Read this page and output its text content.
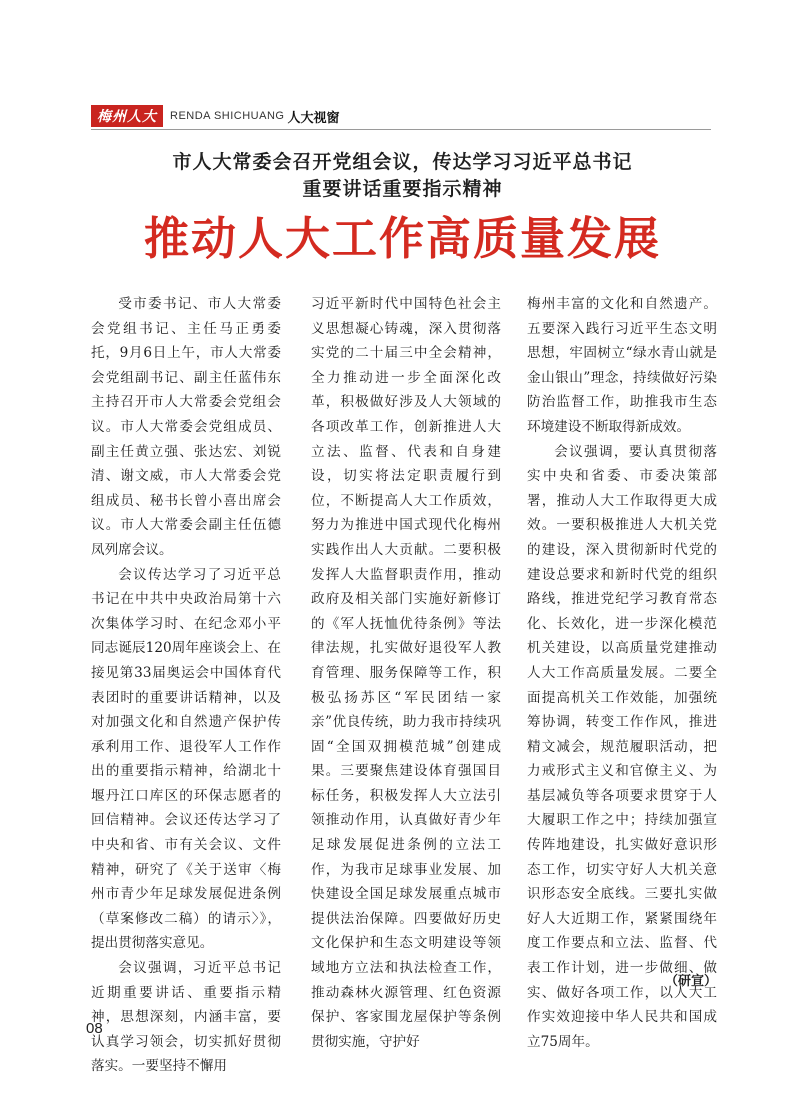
梅州人大	RENDA SHICHUANG 人大视窗
市人大常委会召开党组会议，传达学习习近平总书记
重要讲话重要指示精神
推动人大工作高质量发展

受市委书记、市人大常委会党组书记、主任马正勇委托，9月6日上午，市人大常委会党组副书记、副主任蓝伟东主持召开市人大常委会党组会议。市人大常委会党组成员、副主任黄立强、张达宏、刘锐清、谢文威，市人大常委会党组成员、秘书长曾小喜出席会议。市人大常委会副主任伍德凤列席会议。

会议传达学习了习近平总书记在中共中央政治局第十六次集体学习时、在纪念邓小平同志诞辰120周年座谈会上、在接见第33届奥运会中国体育代表团时的重要讲话精神，以及对加强文化和自然遗产保护传承利用工作、退役军人工作作出的重要指示精神，给湖北十堰丹江口库区的环保志愿者的回信精神。会议还传达学习了中央和省、市有关会议、文件精神，研究了《关于送审〈梅州市青少年足球发展促进条例（草案修改二稿）的请示〉》，提出贯彻落实意见。

会议强调，习近平总书记近期重要讲话、重要指示精神，思想深刻，内涵丰富，要认真学习领会，切实抓好贯彻落实。一要坚持不懈用

习近平新时代中国特色社会主义思想凝心铸魂，深入贯彻落实党的二十届三中全会精神，全力推动进一步全面深化改革，积极做好涉及人大领域的各项改革工作，创新推进人大立法、监督、代表和自身建设，切实将法定职责履行到位，不断提高人大工作质效，努力为推进中国式现代化梅州实践作出人大贡献。二要积极发挥人大监督职责作用，推动政府及相关部门实施好新修订的《军人抚恤优待条例》等法律法规，扎实做好退役军人教育管理、服务保障等工作，积极弘扬苏区“军民团结一家亲”优良传统，助力我市持续巩固“全国双拥模范城”创建成果。三要聚焦建设体育强国目标任务，积极发挥人大立法引领推动作用，认真做好青少年足球发展促进条例的立法工作，为我市足球事业发展、加快建设全国足球发展重点城市提供法治保障。四要做好历史文化保护和生态文明建设等领域地方立法和执法检查工作，推动森林火源管理、红色资源保护、客家围龙屋保护等条例贯彻实施，守护好

梅州丰富的文化和自然遗产。五要深入践行习近平生态文明思想，牢固树立“绿水青山就是金山银山”理念，持续做好污染防治监督工作，助推我市生态环境建设不断取得新成效。

会议强调，要认真贯彻落实中央和省委、市委决策部署，推动人大工作取得更大成效。一要积极推进人大机关党的建设，深入贯彻新时代党的建设总要求和新时代党的组织路线，推进党纪学习教育常态化、长效化，进一步深化模范机关建设，以高质量党建推动人大工作高质量发展。二要全面提高机关工作效能，加强统筹协调，转变工作作风，推进精文减会，规范履职活动，把力戒形式主义和官僚主义、为基层减负等各项要求贯穿于人大履职工作之中；持续加强宣传阵地建设，扎实做好意识形态工作，切实守好人大机关意识形态安全底线。三要扎实做好人大近期工作，紧紧围绕年度工作要点和立法、监督、代表工作计划，进一步做细、做实、做好各项工作，以人大工作实效迎接中华人民共和国成立75周年。

（研宣）
08
